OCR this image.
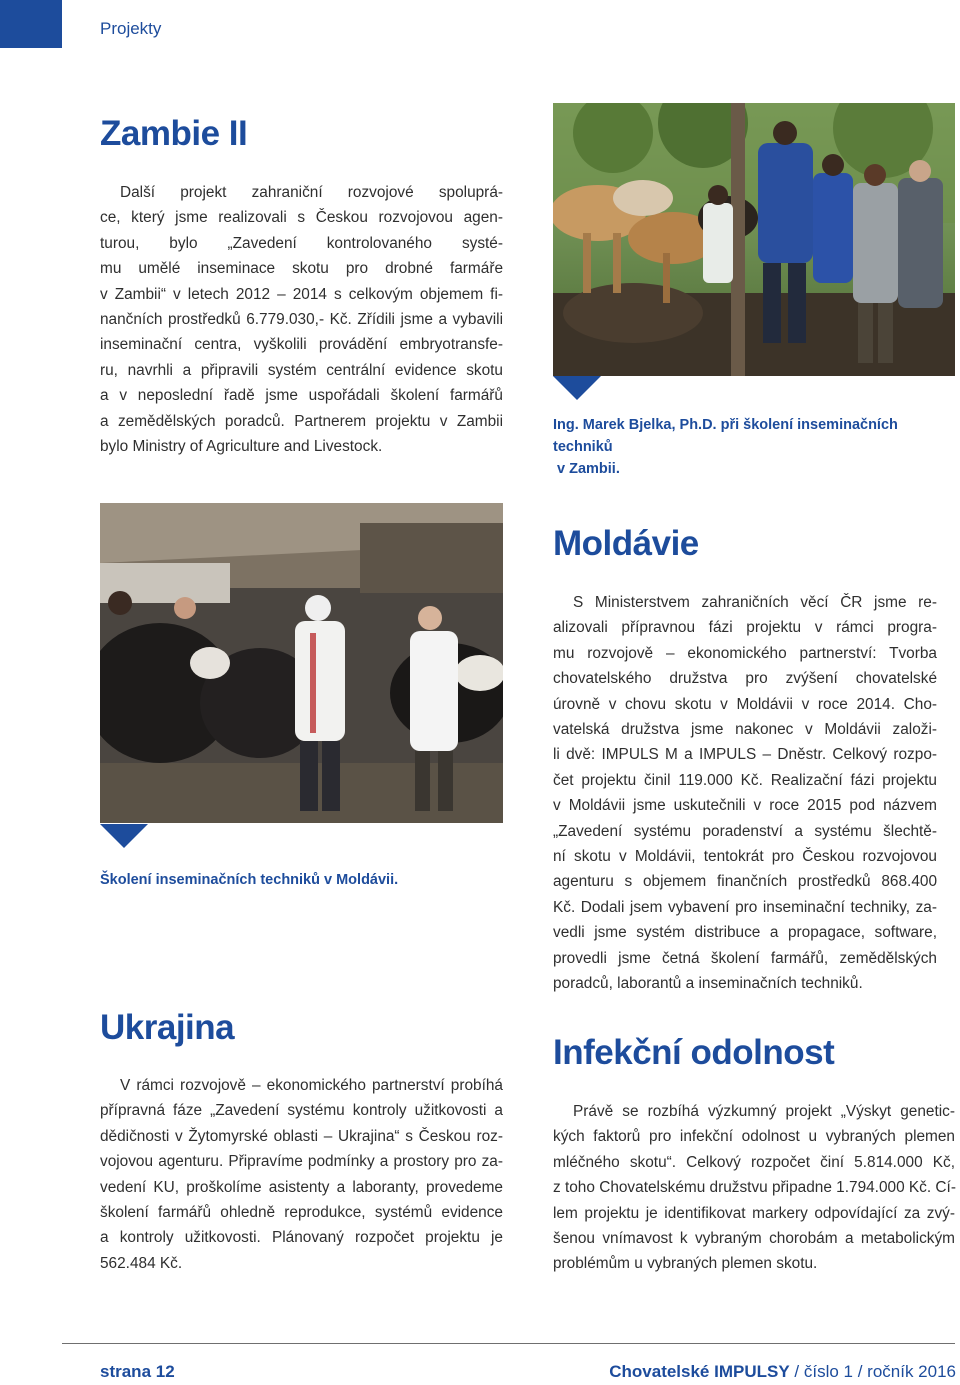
Projekty
Zambie II

Další projekt zahraniční rozvojové spoluprá-

ce, který jsme realizovali s Českou rozvojovou agen-

turou, bylo „Zavedení kontrolovaného systé-

mu umělé inseminace skotu pro drobné farmáře

v Zambii“ v letech 2012 – 2014 s celkovým objemem fi-

nančních prostředků 6.779.030,- Kč. Zřídili jsme a vybavili

inseminační centra, vyškolili provádění embryotransfe-

ru, navrhli a připravili systém centrální evidence skotu

a v neposlední řadě jsme uspořádali školení farmářů

a zemědělských poradců. Partnerem projektu v Zambii

bylo Ministry of Agriculture and Livestock.

Ing. Marek Bjelka, Ph.D. při školení inseminačních techniků
v Zambii.
Školení inseminačních techniků v Moldávii.
Moldávie

S Ministerstvem zahraničních věcí ČR jsme re-

alizovali přípravnou fázi projektu v rámci progra-

mu rozvojově – ekonomického partnerství: Tvorba

chovatelského družstva pro zvýšení chovatelské

úrovně v chovu skotu v Moldávii v roce 2014. Cho-

vatelská družstva jsme nakonec v Moldávii založi-

li dvě: IMPULS M a IMPULS – Dněstr. Celkový rozpo-

čet projektu činil 119.000 Kč. Realizační fázi projektu

v Moldávii jsme uskutečnili v roce 2015 pod názvem

„Zavedení systému poradenství a systému šlechtě-

ní skotu v Moldávii, tentokrát pro Českou rozvojovou

agenturu s objemem finančních prostředků 868.400

Kč. Dodali jsem vybavení pro inseminační techniky, za-

vedli jsme systém distribuce a propagace, software,

provedli jsme četná školení farmářů, zemědělských

poradců, laborantů a inseminačních techniků.

Ukrajina

V rámci rozvojově – ekonomického partnerství probíhá

přípravná fáze „Zavedení systému kontroly užitkovosti a

dědičnosti v Žytomyrské oblasti – Ukrajina“ s Českou roz-

vojovou agenturu. Připravíme podmínky a prostory pro za-

vedení KU, proškolíme asistenty a laboranty, provedeme

školení farmářů ohledně reprodukce, systémů evidence

a kontroly užitkovosti. Plánovaný rozpočet projektu je

562.484 Kč.

Infekční odolnost

Právě se rozbíhá výzkumný projekt „Výskyt genetic-

kých faktorů pro infekční odolnost u vybraných plemen

mléčného skotu“. Celkový rozpočet činí 5.814.000 Kč,

z toho Chovatelskému družstvu připadne 1.794.000 Kč. Cí-

lem projektu je identifikovat markery odpovídající za zvý-

šenou vnímavost k vybraným chorobám a metabolickým

problémům u vybraných plemen skotu.

strana 12	Chovatelské IMPULSY / číslo 1 / ročník 2016
